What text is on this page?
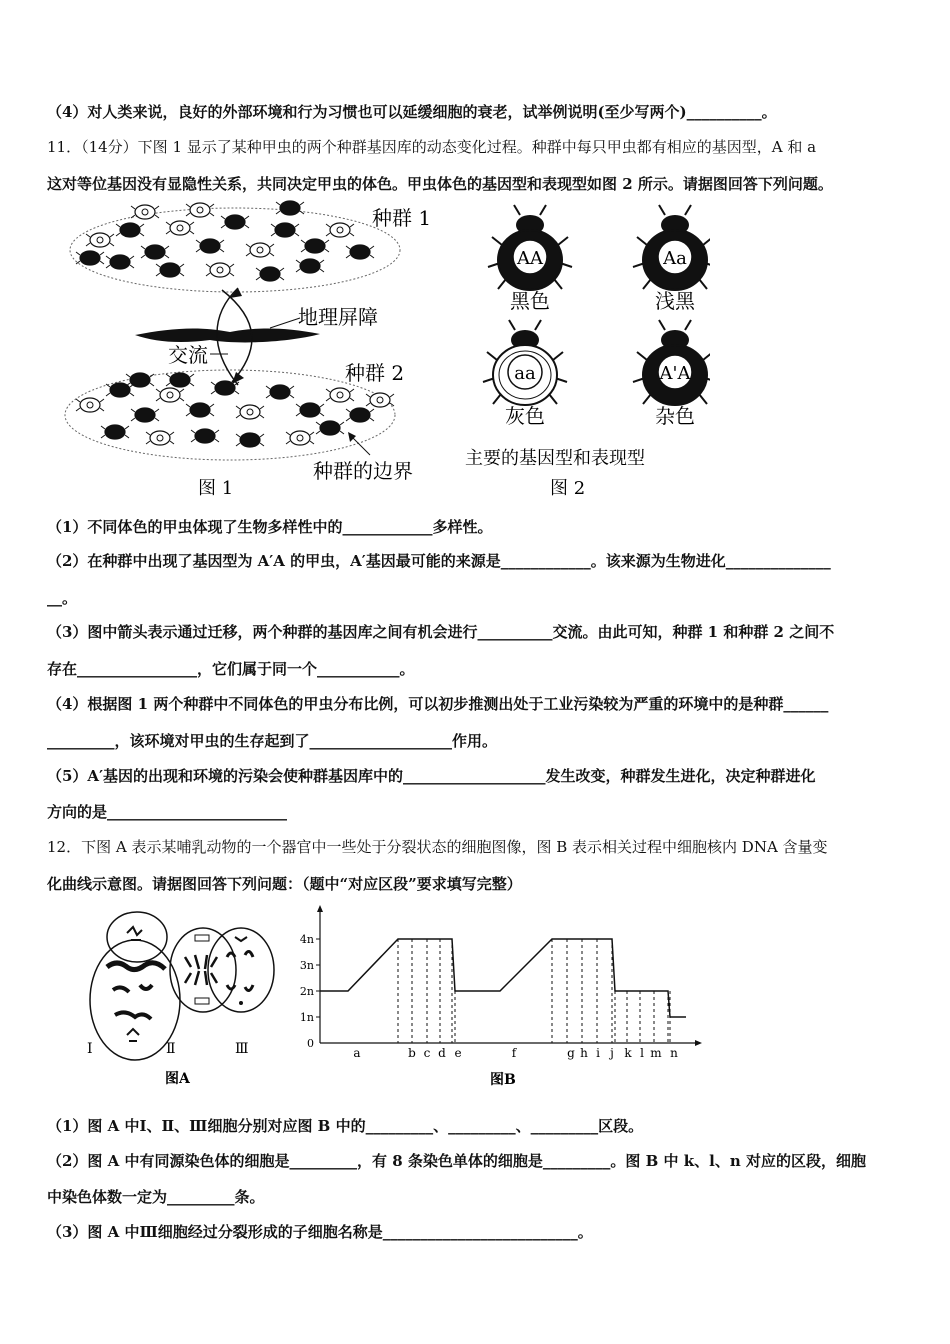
（4）对人类来说，良好的外部环境和行为习惯也可以延缓细胞的衰老，试举例说明(至少写两个)__________。
11．（14分）下图 1 显示了某种甲虫的两个种群基因库的动态变化过程。种群中每只甲虫都有相应的基因型，A 和 a
这对等位基因没有显隐性关系，共同决定甲虫的体色。甲虫体色的基因型和表现型如图 2 所示。请据图回答下列问题。
种群 1
地理屏障
交流
种群 2
种群的边界
图 1
AA
黑色
Aa
浅黑
aa
灰色
A'A
杂色
主要的基因型和表现型
图 2
（1）不同体色的甲虫体现了生物多样性中的____________多样性。
（2）在种群中出现了基因型为 A′A 的甲虫，A′基因最可能的来源是____________。该来源为生物进化______________
__。
（3）图中箭头表示通过迁移，两个种群的基因库之间有机会进行__________交流。由此可知，种群 1 和种群 2 之间不
存在________________，它们属于同一个___________。
（4）根据图 1 两个种群中不同体色的甲虫分布比例，可以初步推测出处于工业污染较为严重的环境中的是种群______
_________，该环境对甲虫的生存起到了___________________作用。
（5）A′基因的出现和环境的污染会使种群基因库中的___________________发生改变，种群发生进化，决定种群进化
方向的是________________________
12．下图 A 表示某哺乳动物的一个器官中一些处于分裂状态的细胞图像，图 B 表示相关过程中细胞核内 DNA 含量变
化曲线示意图。请据图回答下列问题：（题中“对应区段”要求填写完整）
Ⅰ	Ⅱ	Ⅲ
图A
4n
3n
2n
1n
0
a	b c d e	f	g h i j k l m n
图B
（1）图 A 中Ⅰ、Ⅱ、Ⅲ细胞分别对应图 B 中的_________、_________、_________区段。
（2）图 A 中有同源染色体的细胞是_________，有 8 条染色单体的细胞是_________。图 B 中 k、l、n 对应的区段，细胞
中染色体数一定为_________条。
（3）图 A 中Ⅲ细胞经过分裂形成的子细胞名称是__________________________。
